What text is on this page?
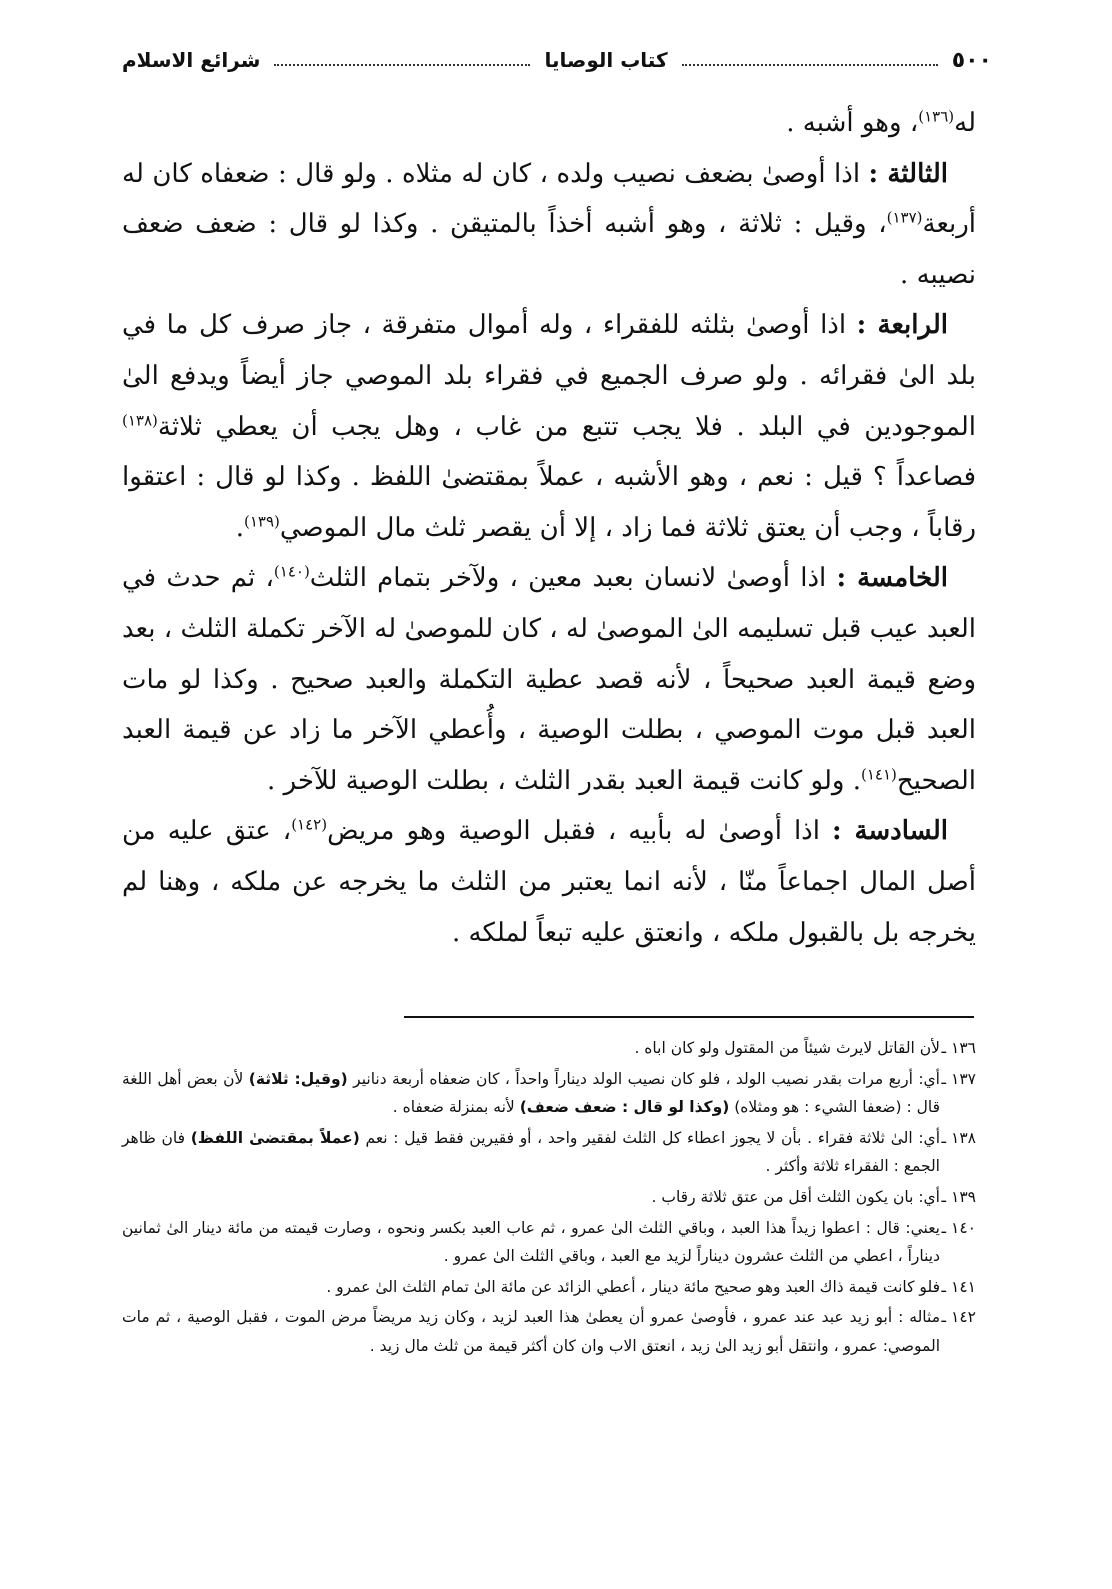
٥٠٠
كتاب الوصايا
شرائع الاسلام

له$^{(١٣٦)}$، وهو أشبه .

الثالثة : اذا أوصىٰ بضعف نصيب ولده ، كان له مثلاه . ولو قال : ضعفاه كان له أربعة$^{(١٣٧)}$، وقيل : ثلاثة ، وهو أشبه أخذاً بالمتيقن . وكذا لو قال : ضعف ضعف نصيبه .

الرابعة : اذا أوصىٰ بثلثه للفقراء ، وله أموال متفرقة ، جاز صرف كل ما في بلد الىٰ فقرائه . ولو صرف الجميع في فقراء بلد الموصي جاز أيضاً ويدفع الىٰ الموجودين في البلد . فلا يجب تتبع من غاب ، وهل يجب أن يعطي ثلاثة$^{(١٣٨)}$ فصاعداً ؟ قيل : نعم ، وهو الأشبه ، عملاً بمقتضىٰ اللفظ . وكذا لو قال : اعتقوا رقاباً ، وجب أن يعتق ثلاثة فما زاد ، إلا أن يقصر ثلث مال الموصي$^{(١٣٩)}$.

الخامسة : اذا أوصىٰ لانسان بعبد معين ، ولآخر بتمام الثلث$^{(١٤٠)}$، ثم حدث في العبد عيب قبل تسليمه الىٰ الموصىٰ له ، كان للموصىٰ له الآخر تكملة الثلث ، بعد وضع قيمة العبد صحيحاً ، لأنه قصد عطية التكملة والعبد صحيح . وكذا لو مات العبد قبل موت الموصي ، بطلت الوصية ، وأُعطي الآخر ما زاد عن قيمة العبد الصحيح$^{(١٤١)}$. ولو كانت قيمة العبد بقدر الثلث ، بطلت الوصية للآخر .

السادسة : اذا أوصىٰ له بأبيه ، فقبل الوصية وهو مريض$^{(١٤٢)}$، عتق عليه من أصل المال اجماعاً منّا ، لأنه انما يعتبر من الثلث ما يخرجه عن ملكه ، وهنا لم يخرجه بل بالقبول ملكه ، وانعتق عليه تبعاً لملكه .

١٣٦ ـلأن القاتل لايرث شيئاً من المقتول ولو كان اباه .

١٣٧ ـأي: أربع مرات بقدر نصيب الولد ، فلو كان نصيب الولد ديناراً واحداً ، كان ضعفاه أربعة دنانير (وقيل: ثلاثة) لأن بعض أهل اللغة قال : (ضعفا الشيء : هو ومثلاه) (وكذا لو قال : ضعف ضعف) لأنه بمنزلة ضعفاه .

١٣٨ ـأي: الىٰ ثلاثة فقراء . بأن لا يجوز اعطاء كل الثلث لفقير واحد ، أو فقيرين فقط قيل : نعم (عملاً بمقتضىٰ اللفظ) فان ظاهر الجمع : الفقراء ثلاثة وأكثر .

١٣٩ ـأي: بان يكون الثلث أقل من عتق ثلاثة رقاب .

١٤٠ ـيعني: قال : اعطوا زيداً هذا العبد ، وباقي الثلث الىٰ عمرو ، ثم عاب العبد بكسر ونحوه ، وصارت قيمته من مائة دينار الىٰ ثمانين ديناراً ، اعطي من الثلث عشرون ديناراً لزيد مع العبد ، وباقي الثلث الىٰ عمرو .

١٤١ ـفلو كانت قيمة ذاك العبد وهو صحيح مائة دينار ، أعطي الزائد عن مائة الىٰ تمام الثلث الىٰ عمرو .

١٤٢ ـمثاله : أبو زيد عبد عند عمرو ، فأوصىٰ عمرو أن يعطىٰ هذا العبد لزيد ، وكان زيد مريضاً مرض الموت ، فقبل الوصية ، ثم مات الموصي: عمرو ، وانتقل أبو زيد الىٰ زيد ، انعتق الاب وان كان أكثر قيمة من ثلث مال زيد .
